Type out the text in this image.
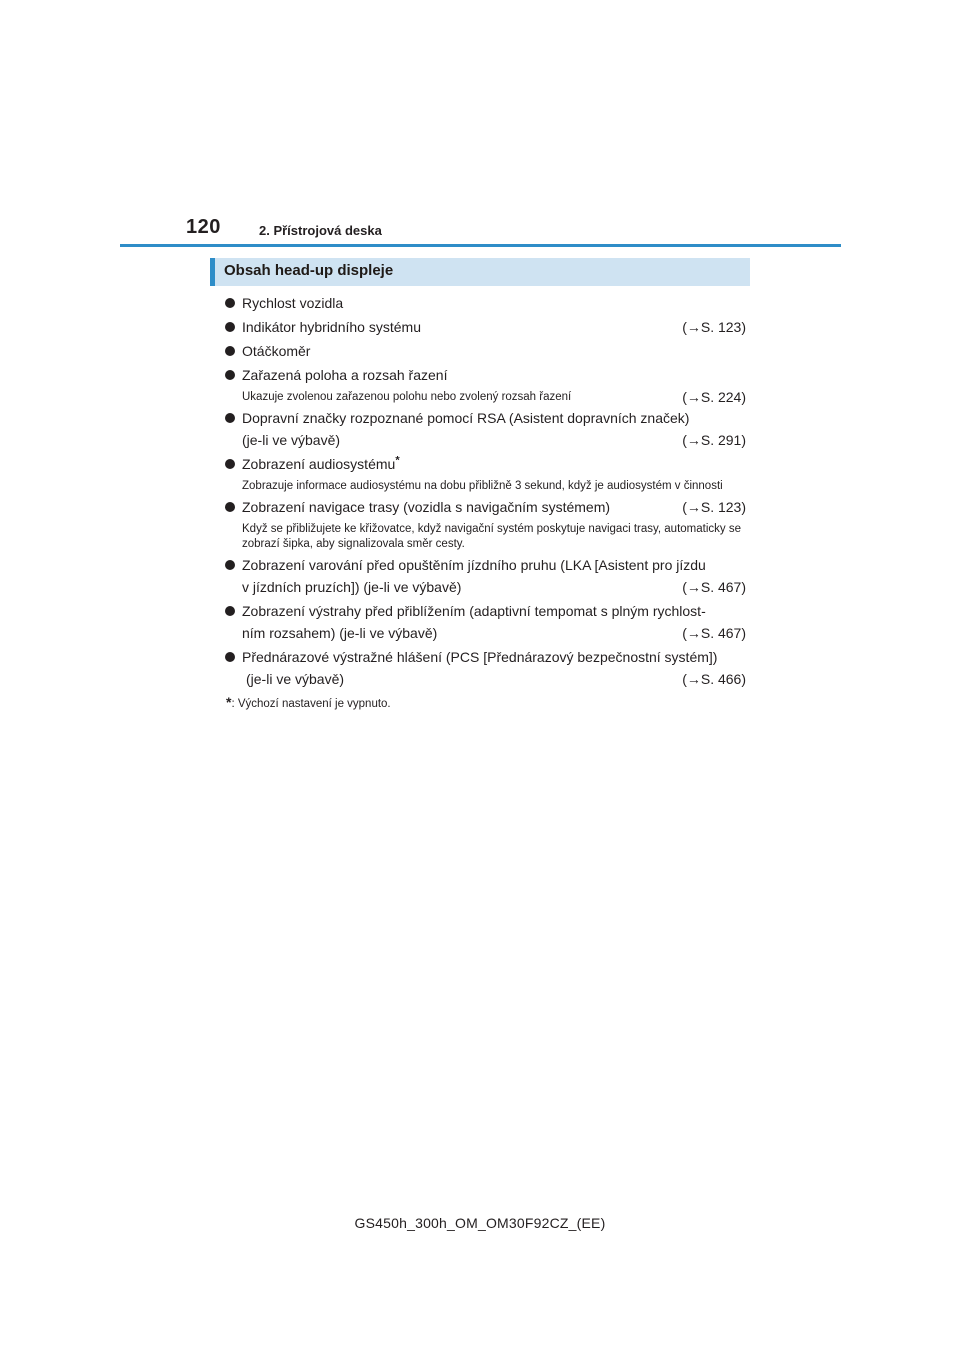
120	2. Přístrojová deska
Obsah head-up displeje
Rychlost vozidla
Indikátor hybridního systému	(→S. 123)
Otáčkoměr
Zařazená poloha a rozsah řazení
Ukazuje zvolenou zařazenou polohu nebo zvolený rozsah řazení	(→S. 224)
Dopravní značky rozpoznané pomocí RSA (Asistent dopravních značek)
(je-li ve výbavě)	(→S. 291)
Zobrazení audiosystému*
Zobrazuje informace audiosystému na dobu přibližně 3 sekund, když je audiosystém v činnosti
Zobrazení navigace trasy (vozidla s navigačním systémem)	(→S. 123)
Když se přibližujete ke křižovatce, když navigační systém poskytuje navigaci trasy, automaticky se zobrazí šipka, aby signalizovala směr cesty.
Zobrazení varování před opuštěním jízdního pruhu (LKA [Asistent pro jízdu
v jízdních pruzích]) (je-li ve výbavě)	(→S. 467)
Zobrazení výstrahy před přiblížením (adaptivní tempomat s plným rychlost-
ním rozsahem) (je-li ve výbavě)	(→S. 467)
Přednárazové výstražné hlášení (PCS [Přednárazový bezpečnostní systém])
(je-li ve výbavě)	(→S. 466)
*: Výchozí nastavení je vypnuto.
GS450h_300h_OM_OM30F92CZ_(EE)
